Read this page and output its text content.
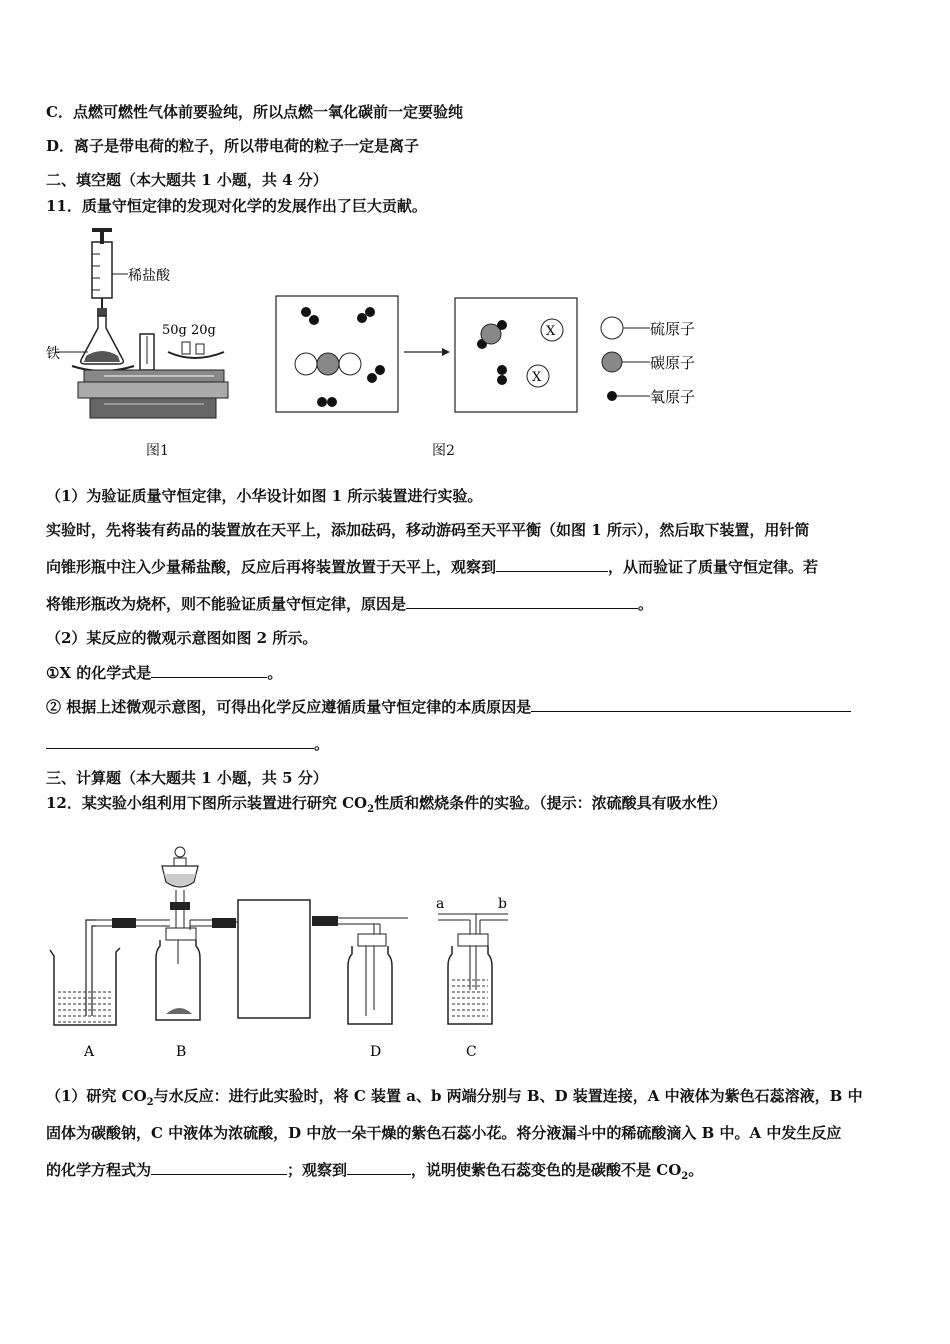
C．点燃可燃性气体前要验纯，所以点燃一氧化碳前一定要验纯
D．离子是带电荷的粒子，所以带电荷的粒子一定是离子
二、填空题（本大题共 1 小题，共 4 分）
11．质量守恒定律的发现对化学的发展作出了巨大贡献。
稀盐酸
铁
50g 20g
图1
X
X
硫原子
碳原子
氧原子
图2
（1）为验证质量守恒定律，小华设计如图 1 所示装置进行实验。
实验时，先将装有药品的装置放在天平上，添加砝码，移动游码至天平平衡（如图 1 所示），然后取下装置，用针筒
向锥形瓶中注入少量稀盐酸，反应后再将装置放置于天平上，观察到	，从而验证了质量守恒定律。若
将锥形瓶改为烧杯，则不能验证质量守恒定律，原因是	。
（2）某反应的微观示意图如图 2 所示。
①X 的化学式是	。
② 根据上述微观示意图，可得出化学反应遵循质量守恒定律的本质原因是
。
三、计算题（本大题共 1 小题，共 5 分）
12．某实验小组利用下图所示装置进行研究 $CO_2$性质和燃烧条件的实验。（提示：浓硫酸具有吸水性）
a	b
A	B	D	C
（1）研究 $CO_2$与水反应：进行此实验时，将 C 装置 a、b 两端分别与 B、D 装置连接，A 中液体为紫色石蕊溶液，B 中
固体为碳酸钠，C 中液体为浓硫酸，D 中放一朵干燥的紫色石蕊小花。将分液漏斗中的稀硫酸滴入 B 中。A 中发生反应
的化学方程式为	；观察到	，说明使紫色石蕊变色的是碳酸不是 $CO_2$。
